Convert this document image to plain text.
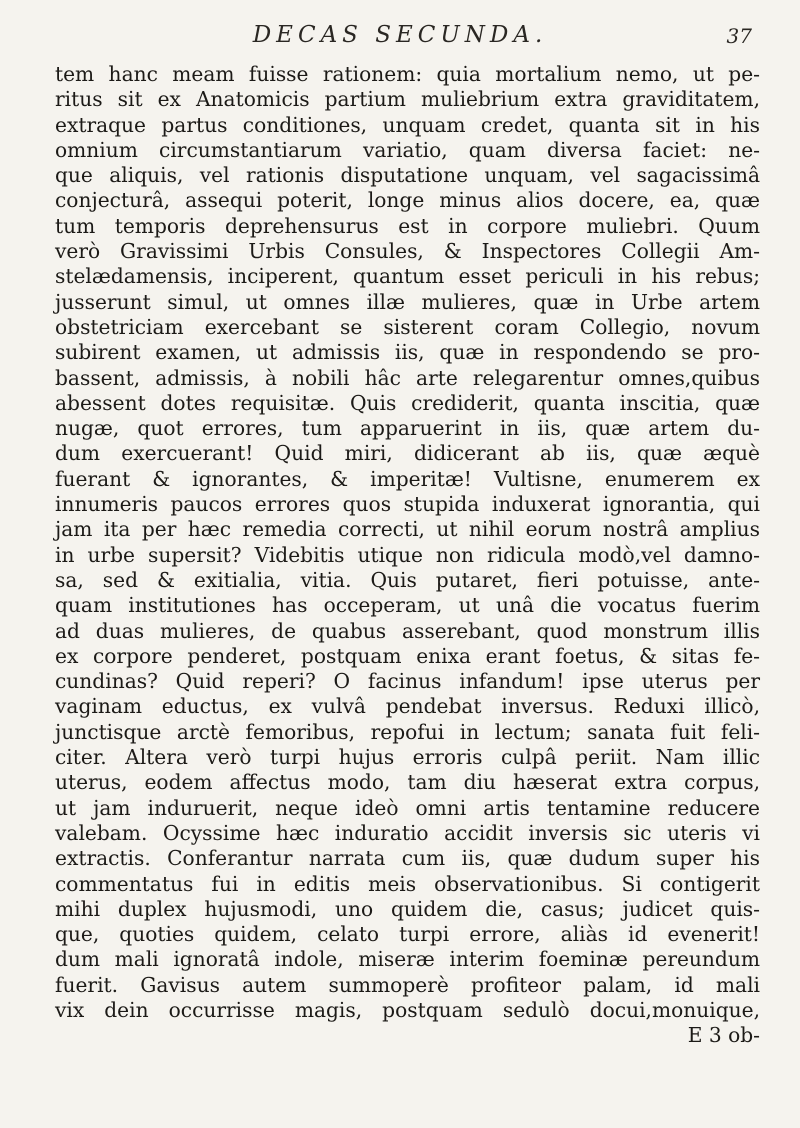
DECAS SECUNDA.	37
tem hanc meam fuisse rationem: quia mortalium nemo, ut pe-
ritus sit ex Anatomicis partium muliebrium extra graviditatem,
extraque partus conditiones, unquam credet, quanta sit in his
omnium circumstantiarum variatio, quam diversa faciet: ne-
que aliquis, vel rationis disputatione unquam, vel sagacissimâ
conjecturâ, assequi poterit, longe minus alios docere, ea, quæ
tum temporis deprehensurus est in corpore muliebri. Quum
verò Gravissimi Urbis Consules, & Inspectores Collegii Am-
stelædamensis, inciperent, quantum esset periculi in his rebus;
jusserunt simul, ut omnes illæ mulieres, quæ in Urbe artem
obstetriciam exercebant se sisterent coram Collegio, novum
subirent examen, ut admissis iis, quæ in respondendo se pro-
bassent, admissis, à nobili hâc arte relegarentur omnes,quibus
abessent dotes requisitæ. Quis crediderit, quanta inscitia, quæ
nugæ, quot errores, tum apparuerint in iis, quæ artem du-
dum exercuerant! Quid miri, didicerant ab iis, quæ æquè
fuerant & ignorantes, & imperitæ! Vultisne, enumerem ex
innumeris paucos errores quos stupida induxerat ignorantia, qui
jam ita per hæc remedia correcti, ut nihil eorum nostrâ amplius
in urbe supersit? Videbitis utique non ridicula modò,vel damno-
sa, sed & exitialia, vitia. Quis putaret, fieri potuisse, ante-
quam institutiones has occeperam, ut unâ die vocatus fuerim
ad duas mulieres, de quabus asserebant, quod monstrum illis
ex corpore penderet, postquam enixa erant foetus, & sitas fe-
cundinas? Quid reperi? O facinus infandum! ipse uterus per
vaginam eductus, ex vulvâ pendebat inversus. Reduxi illicò,
junctisque arctè femoribus, repofui in lectum; sanata fuit feli-
citer. Altera verò turpi hujus erroris culpâ periit. Nam illic
uterus, eodem affectus modo, tam diu hæserat extra corpus,
ut jam induruerit, neque ideò omni artis tentamine reducere
valebam. Ocyssime hæc induratio accidit inversis sic uteris vi
extractis. Conferantur narrata cum iis, quæ dudum super his
commentatus fui in editis meis observationibus. Si contigerit
mihi duplex hujusmodi, uno quidem die, casus; judicet quis-
que, quoties quidem, celato turpi errore, aliàs id evenerit!
dum mali ignoratâ indole, miseræ interim foeminæ pereundum
fuerit. Gavisus autem summoperè profiteor palam, id mali
vix dein occurrisse magis, postquam sedulò docui,monuique,
E 3 ob-
